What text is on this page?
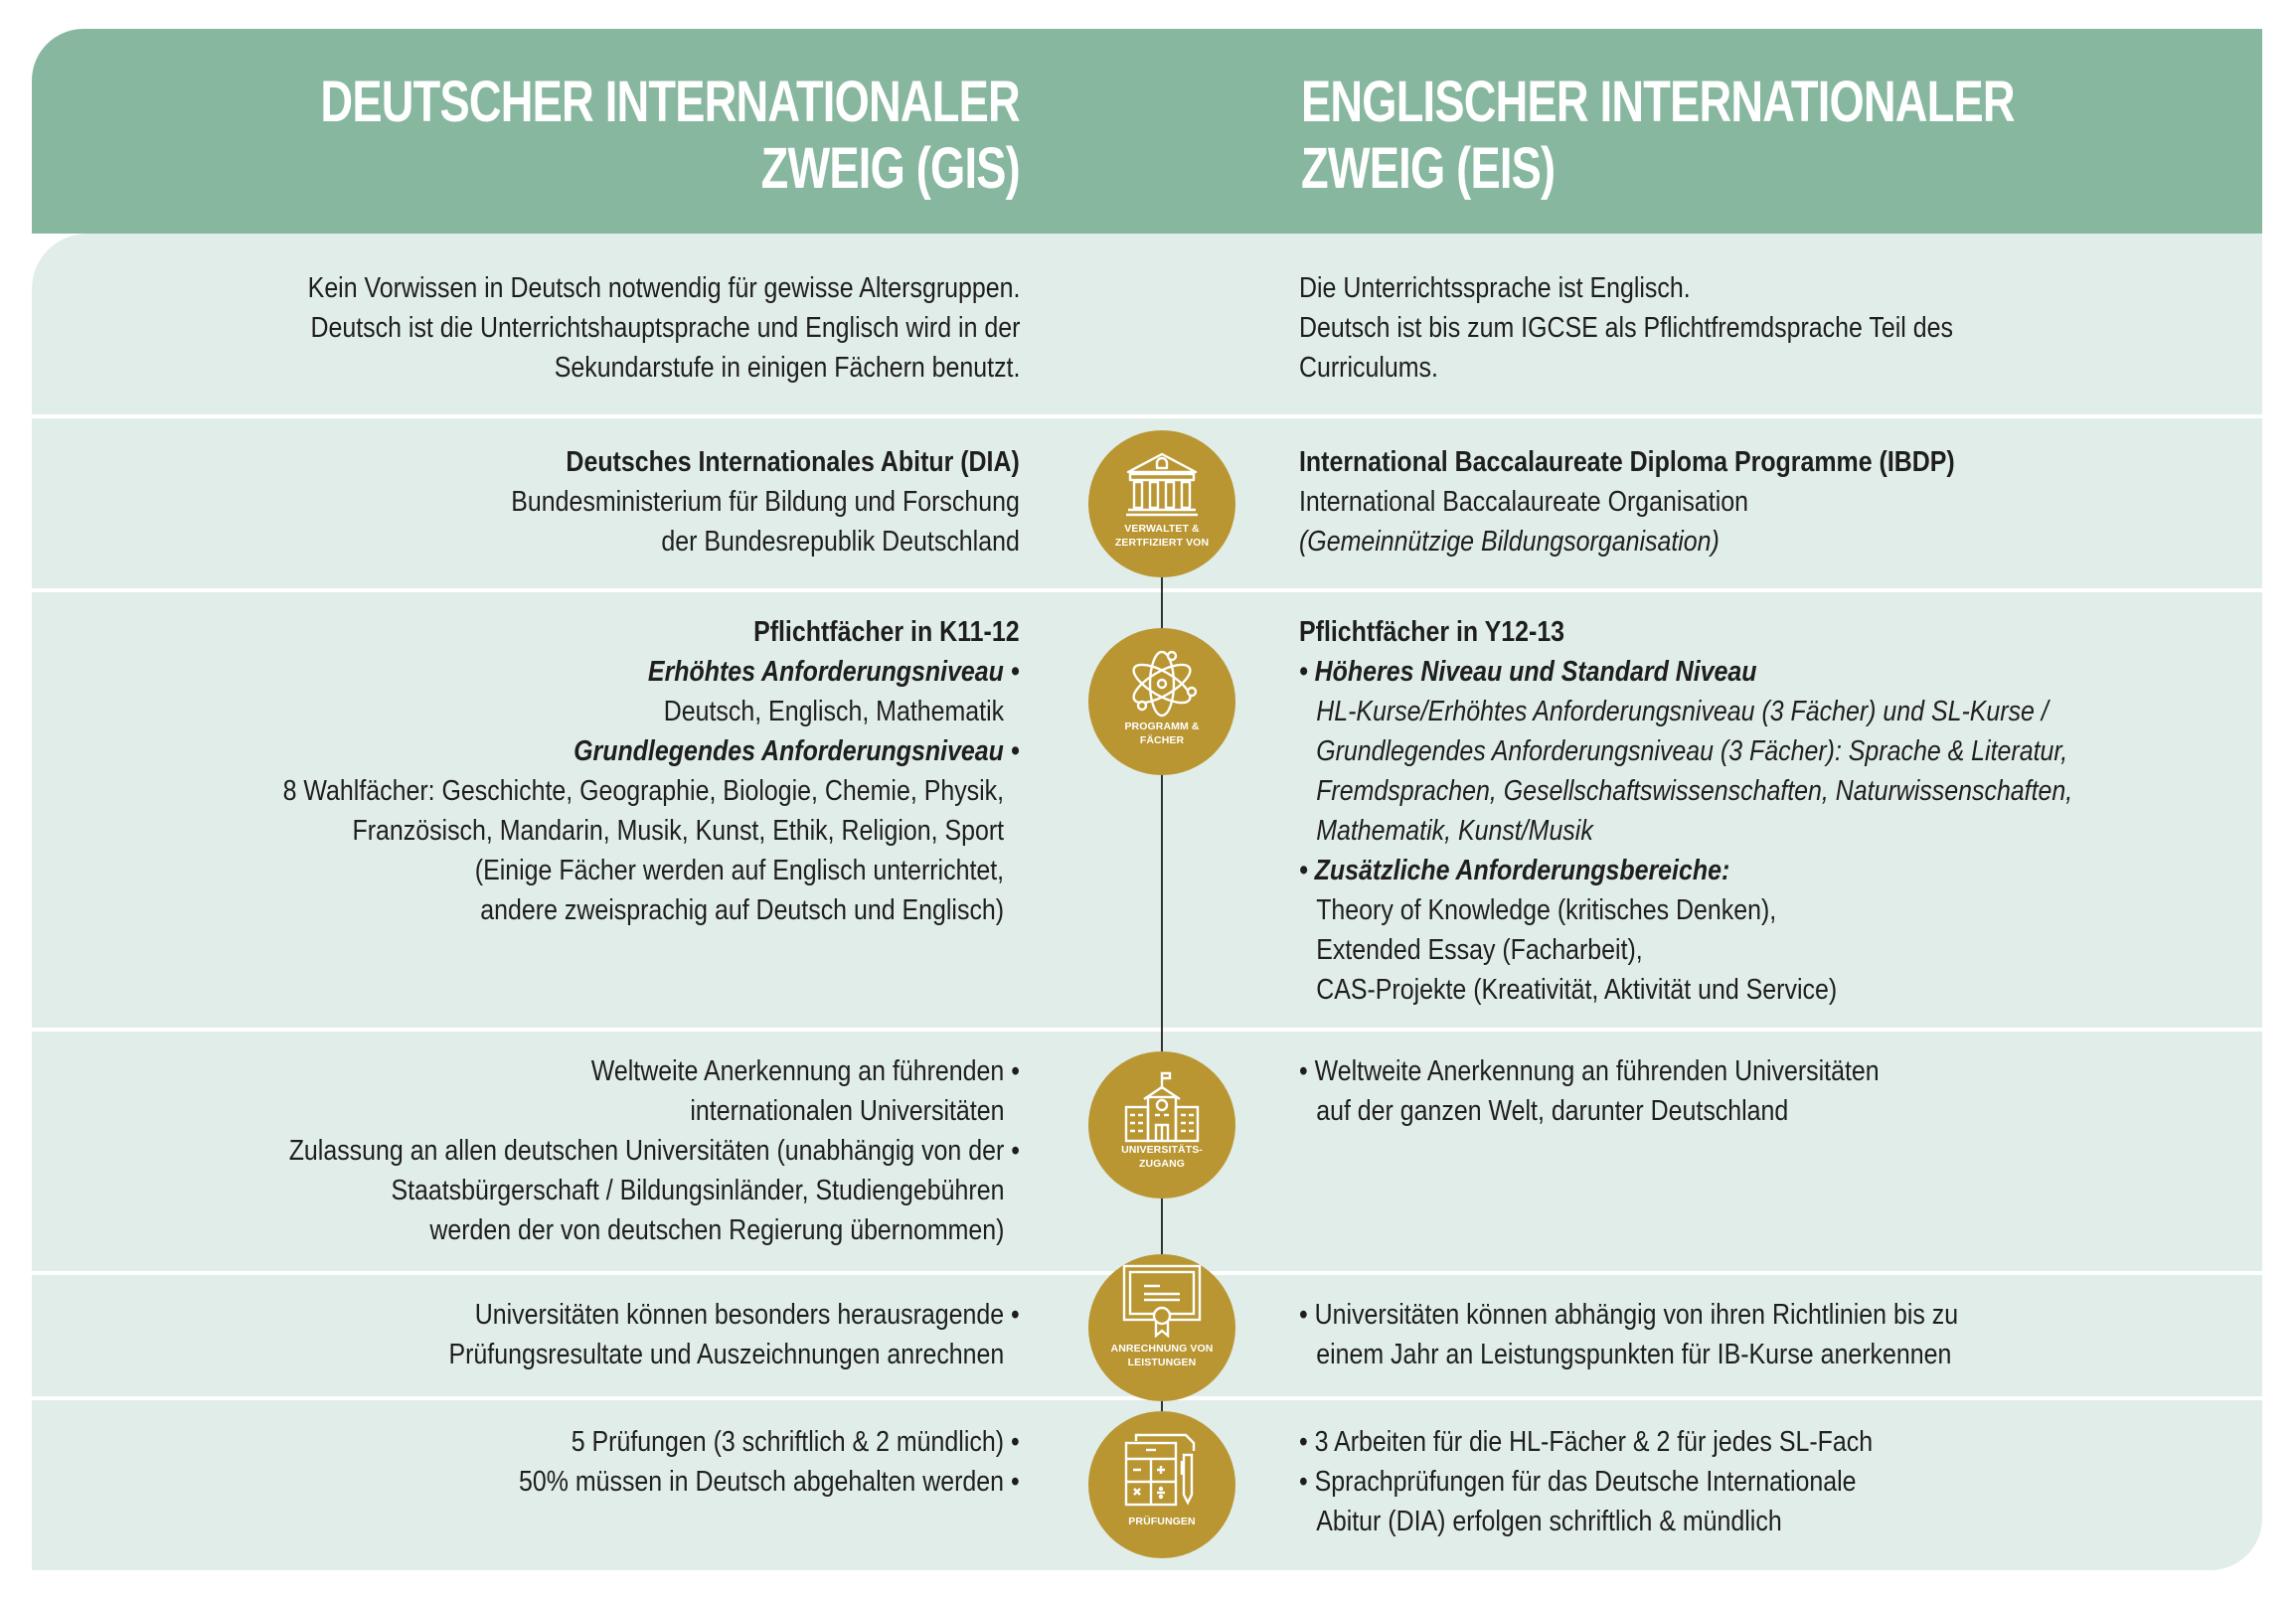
DEUTSCHER INTERNATIONALER
ZWEIG (GIS)
ENGLISCHER INTERNATIONALER
ZWEIG (EIS)
Kein Vorwissen in Deutsch notwendig für gewisse Altersgruppen.
Deutsch ist die Unterrichtshauptsprache und Englisch wird in der
Sekundarstufe in einigen Fächern benutzt.
Die Unterrichtssprache ist Englisch.
Deutsch ist bis zum IGCSE als Pflichtfremdsprache Teil des
Curriculums.
Deutsches Internationales Abitur (DIA)
Bundesministerium für Bildung und Forschung
der Bundesrepublik Deutschland
International Baccalaureate Diploma Programme (IBDP)
International Baccalaureate Organisation
(Gemeinnützige Bildungsorganisation)
Pflichtfächer in K11-12
Erhöhtes Anforderungsniveau •
Deutsch, Englisch, Mathematik
Grundlegendes Anforderungsniveau •
8 Wahlfächer: Geschichte, Geographie, Biologie, Chemie, Physik,
Französisch, Mandarin, Musik, Kunst, Ethik, Religion, Sport
(Einige Fächer werden auf Englisch unterrichtet,
andere zweisprachig auf Deutsch und Englisch)
Pflichtfächer in Y12-13
• Höheres Niveau und Standard Niveau
HL-Kurse/Erhöhtes Anforderungsniveau (3 Fächer) und SL-Kurse /
Grundlegendes Anforderungsniveau (3 Fächer): Sprache & Literatur,
Fremdsprachen, Gesellschaftswissenschaften, Naturwissenschaften,
Mathematik, Kunst/Musik
• Zusätzliche Anforderungsbereiche:
Theory of Knowledge (kritisches Denken),
Extended Essay (Facharbeit),
CAS-Projekte (Kreativität, Aktivität und Service)
Weltweite Anerkennung an führenden •
internationalen Universitäten
Zulassung an allen deutschen Universitäten (unabhängig von der •
Staatsbürgerschaft / Bildungsinländer, Studiengebühren
werden der von deutschen Regierung übernommen)
• Weltweite Anerkennung an führenden Universitäten
auf der ganzen Welt, darunter Deutschland
Universitäten können besonders herausragende •
Prüfungsresultate und Auszeichnungen anrechnen
• Universitäten können abhängig von ihren Richtlinien bis zu
einem Jahr an Leistungspunkten für IB-Kurse anerkennen
5 Prüfungen (3 schriftlich & 2 mündlich) •
50% müssen in Deutsch abgehalten werden •
• 3 Arbeiten für die HL-Fächer & 2 für jedes SL-Fach
• Sprachprüfungen für das Deutsche Internationale
Abitur (DIA) erfolgen schriftlich & mündlich
VERWALTET &
ZERTFIZIERT VON
PROGRAMM &
FÄCHER
UNIVERSITÄTS-
ZUGANG
ANRECHNUNG VON
LEISTUNGEN
PRÜFUNGEN
